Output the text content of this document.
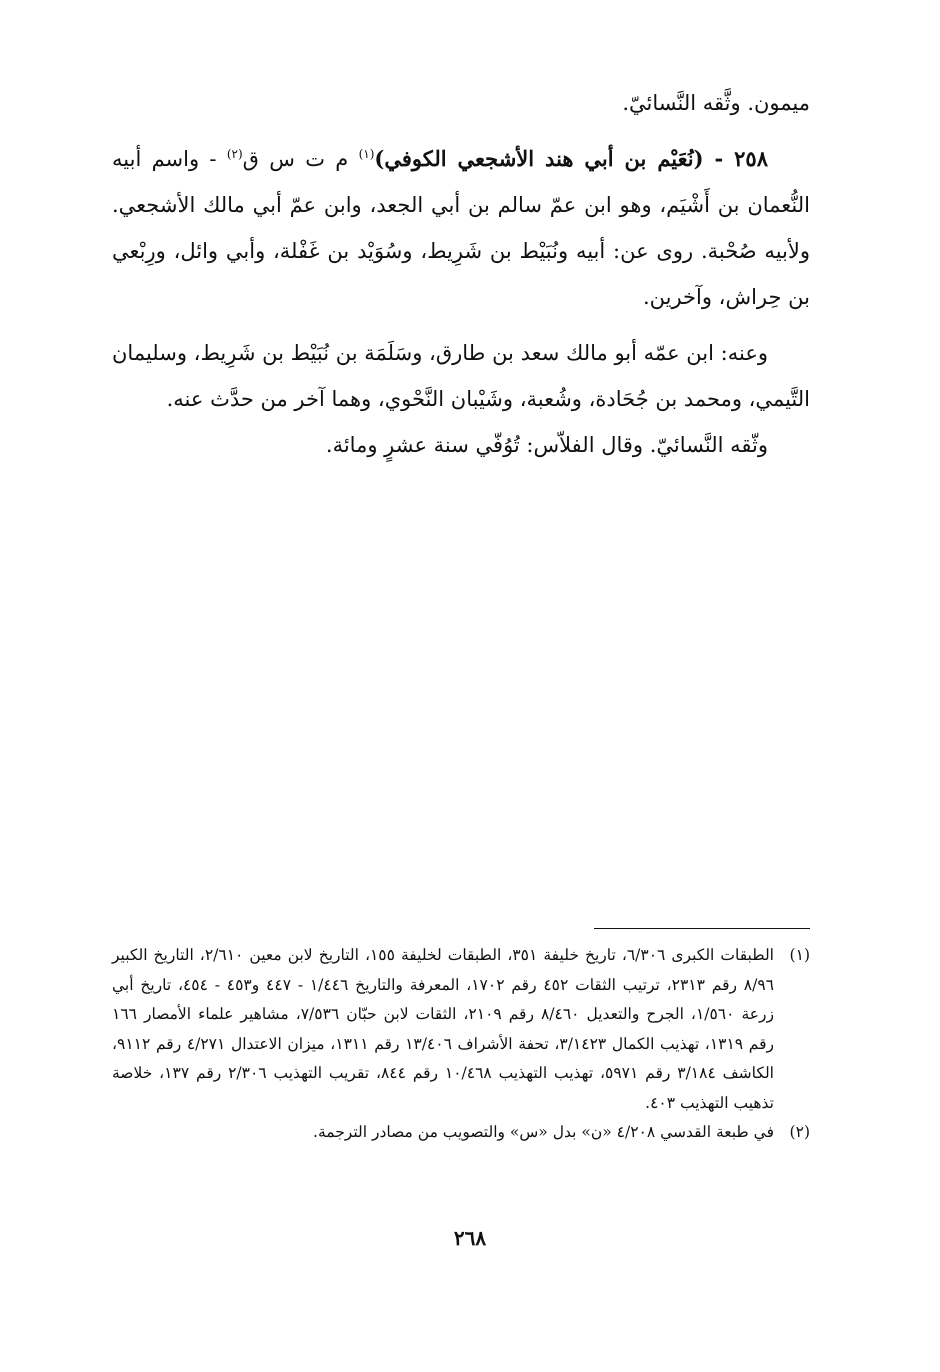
ميمون. وثَّقه النَّسائيّ.

٢٥٨ - (نُعَيْم بن أبي هند الأشجعي الكوفي)$^{(١)}$ م ت س ق$^{(٢)}$ - واسم أبيه النُّعمان بن أَشْيَم، وهو ابن عمّ سالم بن أبي الجعد، وابن عمّ أبي مالك الأشجعي. ولأبيه صُحْبة. روى عن: أبيه ونُبَيْط بن شَرِيط، وسُوَيْد بن غَفْلة، وأبي وائل، ورِبْعي بن حِراش، وآخرين.

وعنه: ابن عمّه أبو مالك سعد بن طارق، وسَلَمَة بن نُبَيْط بن شَرِيط، وسليمان التَّيمي، ومحمد بن جُحَادة، وشُعبة، وشَيْبان النَّحْوي، وهما آخر من حدَّث عنه.

وثّقه النَّسائيّ. وقال الفلاّس: تُوُفّي سنة عشرٍ ومائة.

(١)
الطبقات الكبرى ٦/٣٠٦، تاريخ خليفة ٣٥١، الطبقات لخليفة ١٥٥، التاريخ لابن معين ٢/٦١٠، التاريخ الكبير ٨/٩٦ رقم ٢٣١٣، ترتيب الثقات ٤٥٢ رقم ١٧٠٢، المعرفة والتاريخ ١/٤٤٦ - ٤٤٧ و٤٥٣ - ٤٥٤، تاريخ أبي زرعة ١/٥٦٠، الجرح والتعديل ٨/٤٦٠ رقم ٢١٠٩، الثقات لابن حبّان ٧/٥٣٦، مشاهير علماء الأمصار ١٦٦ رقم ١٣١٩، تهذيب الكمال ٣/١٤٢٣، تحفة الأشراف ١٣/٤٠٦ رقم ١٣١١، ميزان الاعتدال ٤/٢٧١ رقم ٩١١٢، الكاشف ٣/١٨٤ رقم ٥٩٧١، تهذيب التهذيب ١٠/٤٦٨ رقم ٨٤٤، تقريب التهذيب ٢/٣٠٦ رقم ١٣٧، خلاصة تذهيب التهذيب ٤٠٣.
(٢)
في طبعة القدسي ٤/٢٠٨ «ن» بدل «س» والتصويب من مصادر الترجمة.
٢٦٨
